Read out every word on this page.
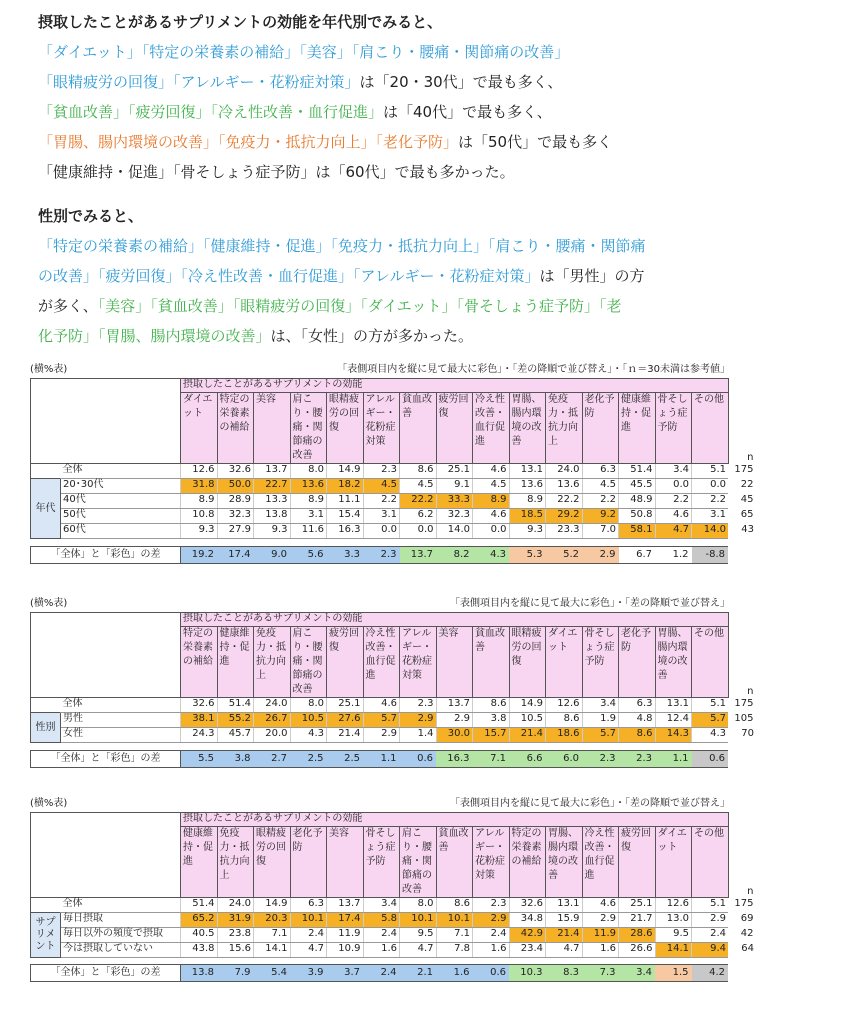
摂取したことがあるサプリメントの効能を年代別でみると、
「ダイエット」「特定の栄養素の補給」「美容」「肩こり・腰痛・関節痛の改善」
「眼精疲労の回復」「アレルギー・花粉症対策」は「20・30代」で最も多く、
「貧血改善」「疲労回復」「冷え性改善・血行促進」は「40代」で最も多く、
「胃腸、腸内環境の改善」「免疫力・抵抗力向上」「老化予防」は「50代」で最も多く
「健康維持・促進」「骨そしょう症予防」は「60代」で最も多かった。
性別でみると、
「特定の栄養素の補給」「健康維持・促進」「免疫力・抵抗力向上」「肩こり・腰痛・関節痛
の改善」「疲労回復」「冷え性改善・血行促進」「アレルギー・花粉症対策」は「男性」の方
が多く、「美容」「貧血改善」「眼精疲労の回復」「ダイエット」「骨そしょう症予防」「老
化予防」「胃腸、腸内環境の改善」は、「女性」の方が多かった。
(横%表)	「表側項目内を縦に見て最大に彩色」・「差の降順で並び替え」・「ｎ＝30未満は参考値」
		摂取したことがあるサプリメントの効能															
		ダイエット	特定の栄養素の補給	美容	肩こり・腰痛・関節痛の改善	眼精疲労の回復	アレルギー・花粉症対策	貧血改善	疲労回復	冷え性改善・血行促進	胃腸、腸内環境の改善	免疫力・抵抗力向上	老化予防	健康維持・促進	骨そしょう症予防	その他	n
	全体	12.6	32.6	13.7	8.0	14.9	2.3	8.6	25.1	4.6	13.1	24.0	6.3	51.4	3.4	5.1	175
年代	20･30代	31.8	50.0	22.7	13.6	18.2	4.5	4.5	9.1	4.5	13.6	13.6	4.5	45.5	0.0	0.0	22
	40代	8.9	28.9	13.3	8.9	11.1	2.2	22.2	33.3	8.9	8.9	22.2	2.2	48.9	2.2	2.2	45
	50代	10.8	32.3	13.8	3.1	15.4	3.1	6.2	32.3	4.6	18.5	29.2	9.2	50.8	4.6	3.1	65
	60代	9.3	27.9	9.3	11.6	16.3	0.0	0.0	14.0	0.0	9.3	23.3	7.0	58.1	4.7	14.0	43
「全体」と「彩色」の差	19.2	17.4	9.0	5.6	3.3	2.3	13.7	8.2	4.3	5.3	5.2	2.9	6.7	1.2	-8.8
(横%表)	「表側項目内を縦に見て最大に彩色」・「差の降順で並び替え」
		摂取したことがあるサプリメントの効能															
		特定の栄養素の補給	健康維持・促進	免疫力・抵抗力向上	肩こり・腰痛・関節痛の改善	疲労回復	冷え性改善・血行促進	アレルギー・花粉症対策	美容	貧血改善	眼精疲労の回復	ダイエット	骨そしょう症予防	老化予防	胃腸、腸内環境の改善	その他	n
	全体	32.6	51.4	24.0	8.0	25.1	4.6	2.3	13.7	8.6	14.9	12.6	3.4	6.3	13.1	5.1	175
性別	男性	38.1	55.2	26.7	10.5	27.6	5.7	2.9	2.9	3.8	10.5	8.6	1.9	4.8	12.4	5.7	105
	女性	24.3	45.7	20.0	4.3	21.4	2.9	1.4	30.0	15.7	21.4	18.6	5.7	8.6	14.3	4.3	70
「全体」と「彩色」の差	5.5	3.8	2.7	2.5	2.5	1.1	0.6	16.3	7.1	6.6	6.0	2.3	2.3	1.1	0.6
(横%表)	「表側項目内を縦に見て最大に彩色」・「差の降順で並び替え」
		摂取したことがあるサプリメントの効能															
		健康維持・促進	免疫力・抵抗力向上	眼精疲労の回復	老化予防	美容	骨そしょう症予防	肩こり・腰痛・関節痛の改善	貧血改善	アレルギー・花粉症対策	特定の栄養素の補給	胃腸、腸内環境の改善	冷え性改善・血行促進	疲労回復	ダイエット	その他	n
	全体	51.4	24.0	14.9	6.3	13.7	3.4	8.0	8.6	2.3	32.6	13.1	4.6	25.1	12.6	5.1	175
サプリメント	毎日摂取	65.2	31.9	20.3	10.1	17.4	5.8	10.1	10.1	2.9	34.8	15.9	2.9	21.7	13.0	2.9	69
	毎日以外の頻度で摂取	40.5	23.8	7.1	2.4	11.9	2.4	9.5	7.1	2.4	42.9	21.4	11.9	28.6	9.5	2.4	42
	今は摂取していない	43.8	15.6	14.1	4.7	10.9	1.6	4.7	7.8	1.6	23.4	4.7	1.6	26.6	14.1	9.4	64
「全体」と「彩色」の差	13.8	7.9	5.4	3.9	3.7	2.4	2.1	1.6	0.6	10.3	8.3	7.3	3.4	1.5	4.2
